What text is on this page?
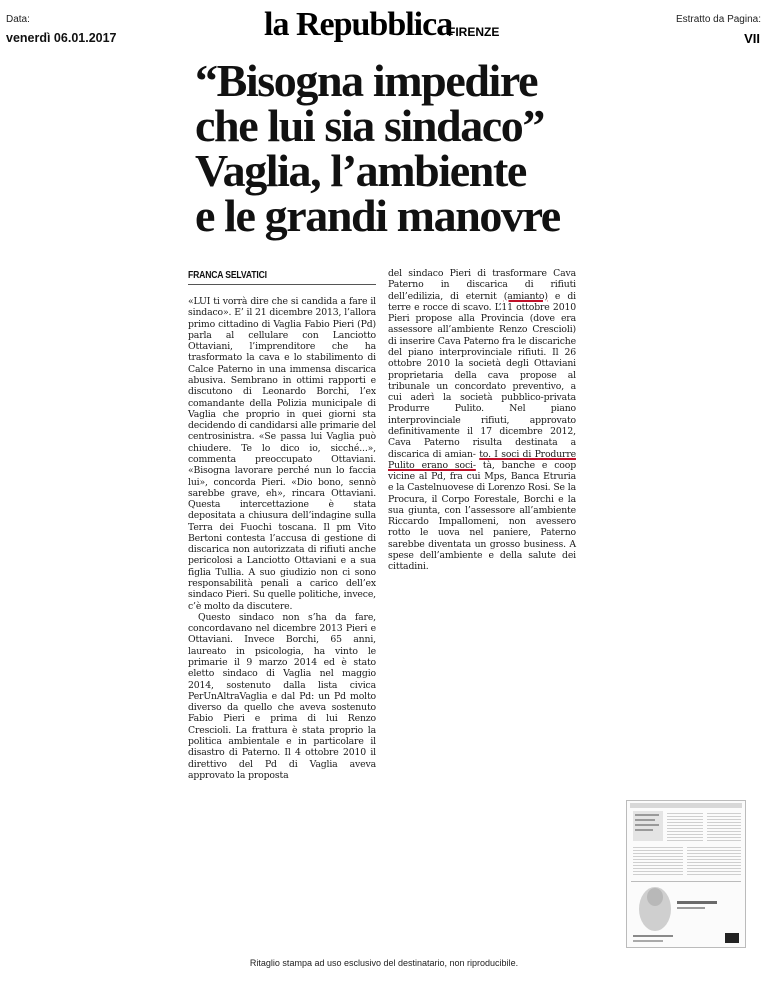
Data:
venerdì 06.01.2017	la Repubblica
FIRENZE
Estratto da Pagina:
VII
“Bisogna impedire
che lui sia sindaco”
Vaglia, l’ambiente
e le grandi manovre
FRANCA SELVATICI

«LUI ti vorrà dire che si candida a fare il sindaco». E’ il 21 dicembre 2013, l’allora primo cittadino di Vaglia Fabio Pieri (Pd) parla al cellulare con Lanciotto Ottaviani, l’imprenditore che ha trasformato la cava e lo stabilimento di Calce Paterno in una immensa discarica abusiva. Sembrano in ottimi rapporti e discutono di Leonardo Borchi, l’ex comandante della Polizia municipale di Vaglia che proprio in quei giorni sta decidendo di candidarsi alle primarie del centrosinistra. «Se passa lui Vaglia può chiudere. Te lo dico io, sicché...», commenta preoccupato Ottaviani. «Bisogna lavorare perché nun lo faccia lui», concorda Pieri. «Dio bono, sennò sarebbe grave, eh», rincara Ottaviani. Questa intercettazione è stata depositata a chiusura dell’indagine sulla Terra dei Fuochi toscana. Il pm Vito Bertoni contesta l’accusa di gestione di discarica non autorizzata di rifiuti anche pericolosi a Lanciotto Ottaviani e a sua figlia Tullia. A suo giudizio non ci sono responsabilità penali a carico dell’ex sindaco Pieri. Su quelle politiche, invece, c’è molto da discutere.

Questo sindaco non s’ha da fare, concordavano nel dicembre 2013 Pieri e Ottaviani. Invece Borchi, 65 anni, laureato in psicologia, ha vinto le primarie il 9 marzo 2014 ed è stato eletto sindaco di Vaglia nel maggio 2014, sostenuto dalla lista civica PerUnAltraVaglia e dal Pd: un Pd molto diverso da quello che aveva sostenuto Fabio Pieri e prima di lui Renzo Crescioli. La frattura è stata proprio la politica ambientale e in particolare il disastro di Paterno. Il 4 ottobre 2010 il direttivo del Pd di Vaglia aveva approvato la proposta

del sindaco Pieri di trasformare Cava Paterno in discarica di rifiuti dell’edilizia, di eternit (amianto) e di terre e rocce di scavo. L’11 ottobre 2010 Pieri propose alla Provincia (dove era assessore all’ambiente Renzo Crescioli) di inserire Cava Paterno fra le discariche del piano interprovinciale rifiuti. Il 26 ottobre 2010 la società degli Ottaviani proprietaria della cava propose al tribunale un concordato preventivo, a cui aderì la società pubblico-privata Produrre Pulito. Nel piano interprovinciale rifiuti, approvato definitivamente il 17 dicembre 2012, Cava Paterno risulta destinata a discarica di amian- to. I soci di Produrre Pulito erano soci- tà, banche e coop vicine al Pd, fra cui Mps, Banca Etruria e la Castelnuovese di Lorenzo Rosi. Se la Procura, il Corpo Forestale, Borchi e la sua giunta, con l’assessore all’ambiente Riccardo Impallomeni, non avessero rotto le uova nel paniere, Paterno sarebbe diventata un grosso business. A spese dell’ambiente e della salute dei cittadini.

Ritaglio stampa ad uso esclusivo del destinatario, non riproducibile.
